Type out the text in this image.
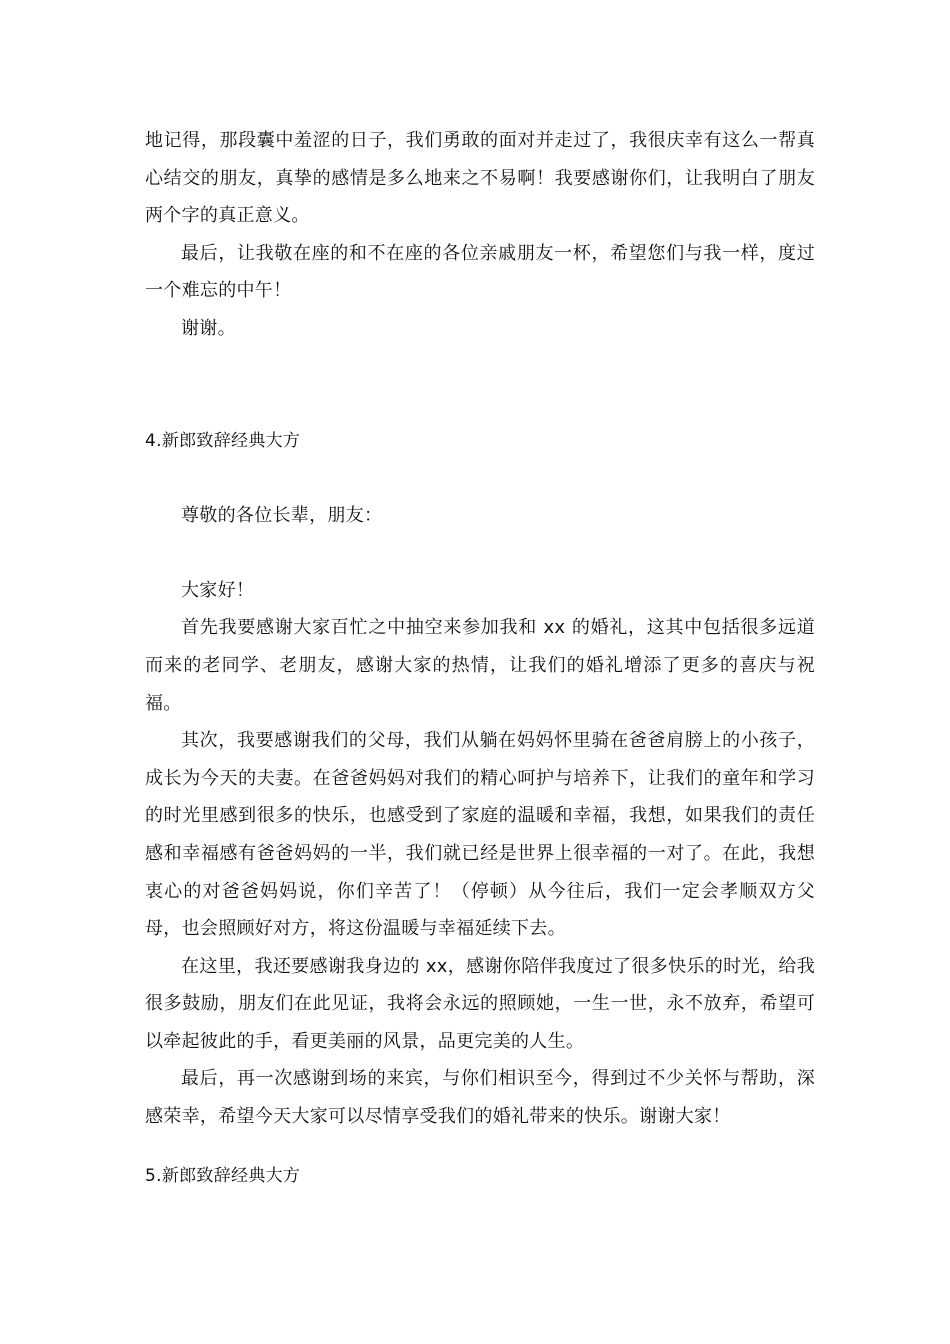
地记得，那段囊中羞涩的日子，我们勇敢的面对并走过了，我很庆幸有这么一帮真心结交的朋友，真挚的感情是多么地来之不易啊！我要感谢你们，让我明白了朋友两个字的真正意义。

最后，让我敬在座的和不在座的各位亲戚朋友一杯，希望您们与我一样，度过一个难忘的中午！

谢谢。

4.新郎致辞经典大方

尊敬的各位长辈，朋友：

大家好！

首先我要感谢大家百忙之中抽空来参加我和 xx 的婚礼，这其中包括很多远道而来的老同学、老朋友，感谢大家的热情，让我们的婚礼增添了更多的喜庆与祝福。

其次，我要感谢我们的父母，我们从躺在妈妈怀里骑在爸爸肩膀上的小孩子，成长为今天的夫妻。在爸爸妈妈对我们的精心呵护与培养下，让我们的童年和学习的时光里感到很多的快乐，也感受到了家庭的温暖和幸福，我想，如果我们的责任感和幸福感有爸爸妈妈的一半，我们就已经是世界上很幸福的一对了。在此，我想衷心的对爸爸妈妈说，你们辛苦了！（停顿）从今往后，我们一定会孝顺双方父母，也会照顾好对方，将这份温暖与幸福延续下去。

在这里，我还要感谢我身边的 xx，感谢你陪伴我度过了很多快乐的时光，给我很多鼓励，朋友们在此见证，我将会永远的照顾她，一生一世，永不放弃，希望可以牵起彼此的手，看更美丽的风景，品更完美的人生。

最后，再一次感谢到场的来宾，与你们相识至今，得到过不少关怀与帮助，深感荣幸，希望今天大家可以尽情享受我们的婚礼带来的快乐。谢谢大家！

5.新郎致辞经典大方
